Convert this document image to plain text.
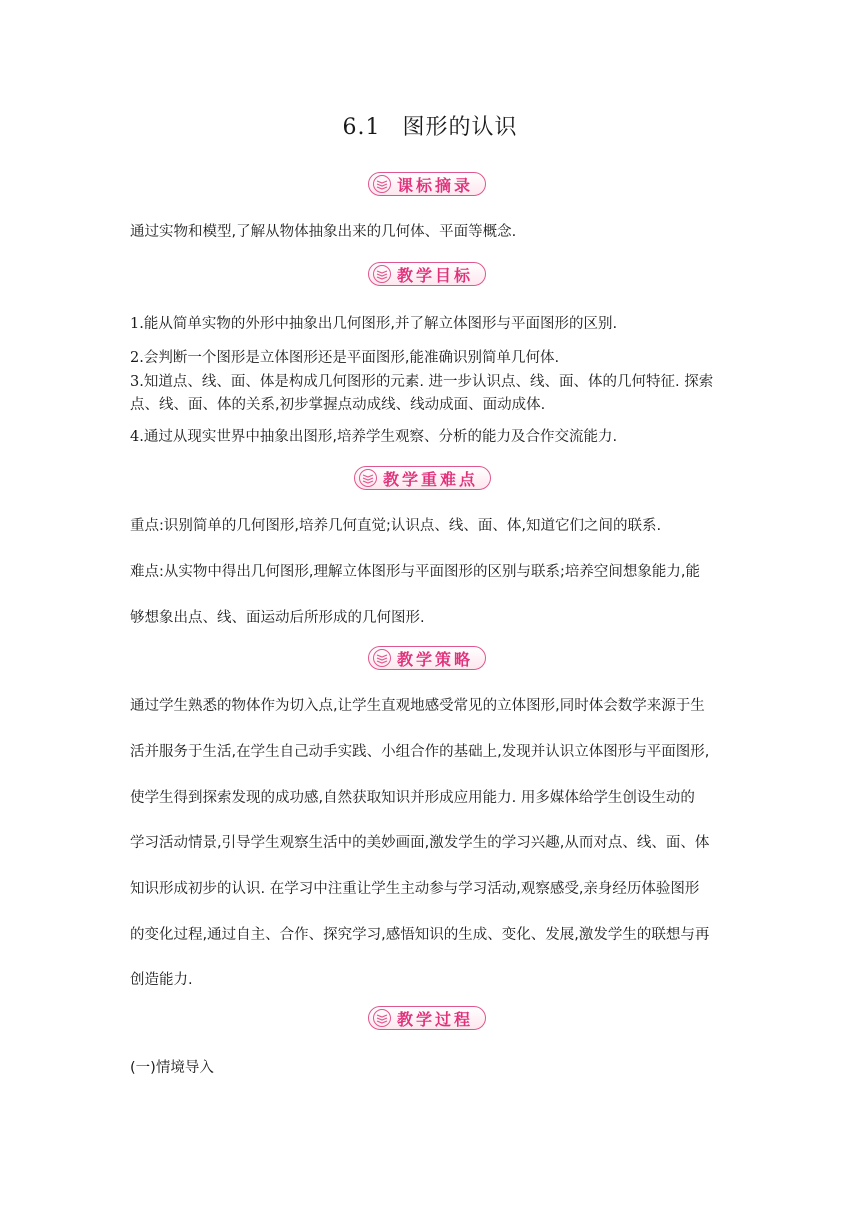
6.1 图形的认识
课标摘录

通过实物和模型,了解从物体抽象出来的几何体、平面等概念.

教学目标

1.能从简单实物的外形中抽象出几何图形,并了解立体图形与平面图形的区别.

2.会判断一个图形是立体图形还是平面图形,能准确识别简单几何体.

3.知道点、线、面、体是构成几何图形的元素. 进一步认识点、线、面、体的几何特征. 探索

点、线、面、体的关系,初步掌握点动成线、线动成面、面动成体.

4.通过从现实世界中抽象出图形,培养学生观察、分析的能力及合作交流能力.

教学重难点

重点:识别简单的几何图形,培养几何直觉;认识点、线、面、体,知道它们之间的联系.

难点:从实物中得出几何图形,理解立体图形与平面图形的区别与联系;培养空间想象能力,能

够想象出点、线、面运动后所形成的几何图形.

教学策略

通过学生熟悉的物体作为切入点,让学生直观地感受常见的立体图形,同时体会数学来源于生

活并服务于生活,在学生自己动手实践、小组合作的基础上,发现并认识立体图形与平面图形,

使学生得到探索发现的成功感,自然获取知识并形成应用能力. 用多媒体给学生创设生动的

学习活动情景,引导学生观察生活中的美妙画面,激发学生的学习兴趣,从而对点、线、面、体

知识形成初步的认识. 在学习中注重让学生主动参与学习活动,观察感受,亲身经历体验图形

的变化过程,通过自主、合作、探究学习,感悟知识的生成、变化、发展,激发学生的联想与再

创造能力.

教学过程

(一)情境导入
